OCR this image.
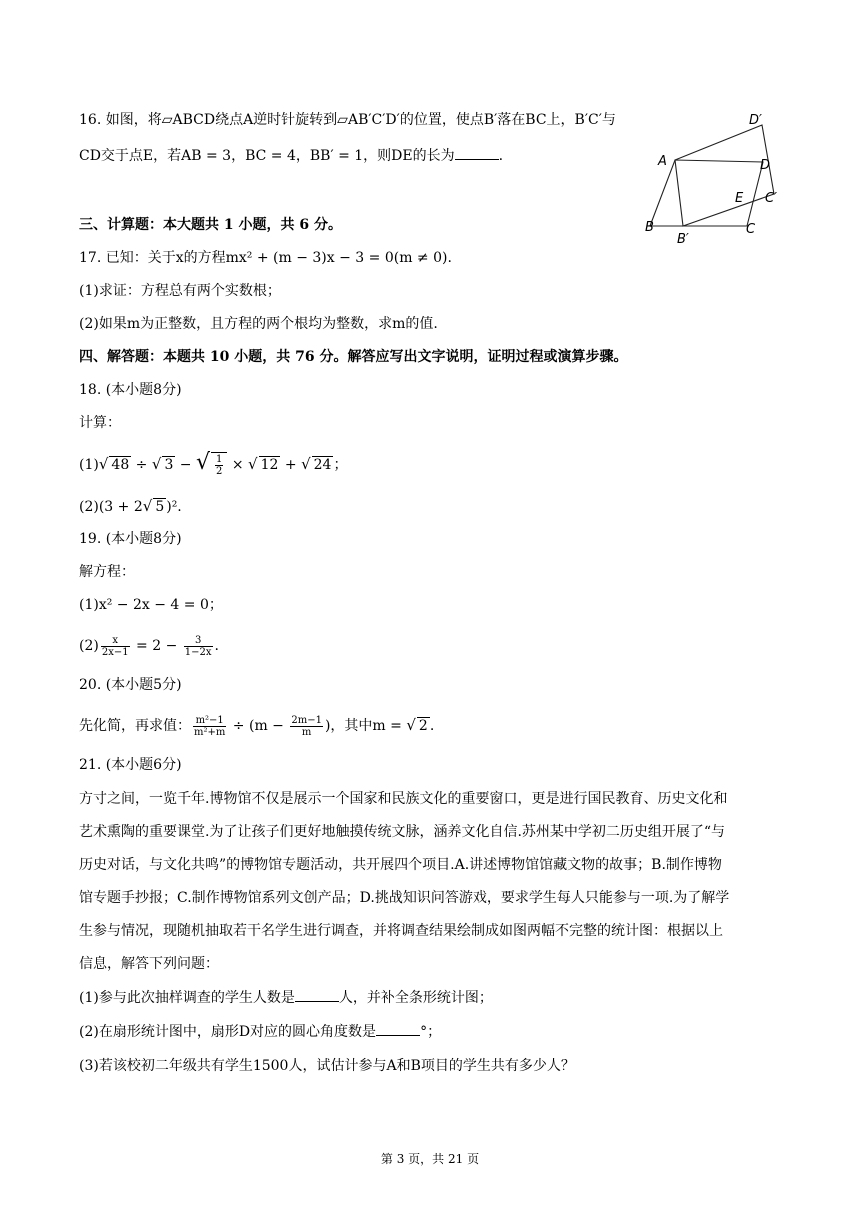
16. 如图，将▱ABCD绕点A逆时针旋转到▱AB′C′D′的位置，使点B′落在BC上，B′C′与
CD交于点E，若AB = 3，BC = 4，BB′ = 1，则DE的长为	.
D′
A	D
E C′
B
B′
C
三、计算题：本大题共 1 小题，共 6 分。
17. 已知：关于x的方程mx² + (m − 3)x − 3 = 0(m ≠ 0).
(1)求证：方程总有两个实数根；
(2)如果m为正整数，且方程的两个根均为整数，求m的值.
四、解答题：本题共 10 小题，共 76 分。解答应写出文字说明，证明过程或演算步骤。
18. (本小题8分)
计算：
(1)√ 48 ÷ √ 3 − √ $\frac{1}{2}$ × √ 12 + √ 24 ；
(2)(3 + 2√ 5 )².
19. (本小题8分)
解方程：
(1)x² − 2x − 4 = 0；
$(2) \frac{x}{2x-1} = 2 - \frac{3}{1-2x}$ .
20. (本小题5分)
先化简，再求值： $\frac{\text{m²−1}}{\text{m²+m}} \div (m - \frac{2m-1}{m}$ )，其中m = √ 2 .
21. (本小题6分)
方寸之间，一览千年.博物馆不仅是展示一个国家和民族文化的重要窗口，更是进行国民教育、历史文化和
艺术熏陶的重要课堂.为了让孩子们更好地触摸传统文脉，涵养文化自信.苏州某中学初二历史组开展了“与
历史对话，与文化共鸣”的博物馆专题活动，共开展四个项目.A.讲述博物馆馆藏文物的故事；B.制作博物
馆专题手抄报；C.制作博物馆系列文创产品；D.挑战知识问答游戏，要求学生每人只能参与一项.为了解学
生参与情况，现随机抽取若干名学生进行调查，并将调查结果绘制成如图两幅不完整的统计图：根据以上
信息，解答下列问题：
(1)参与此次抽样调查的学生人数是	人，并补全条形统计图；
(2)在扇形统计图中，扇形D对应的圆心角度数是	°；
(3)若该校初二年级共有学生1500人，试估计参与A和B项目的学生共有多少人？
第 3 页，共 21 页
